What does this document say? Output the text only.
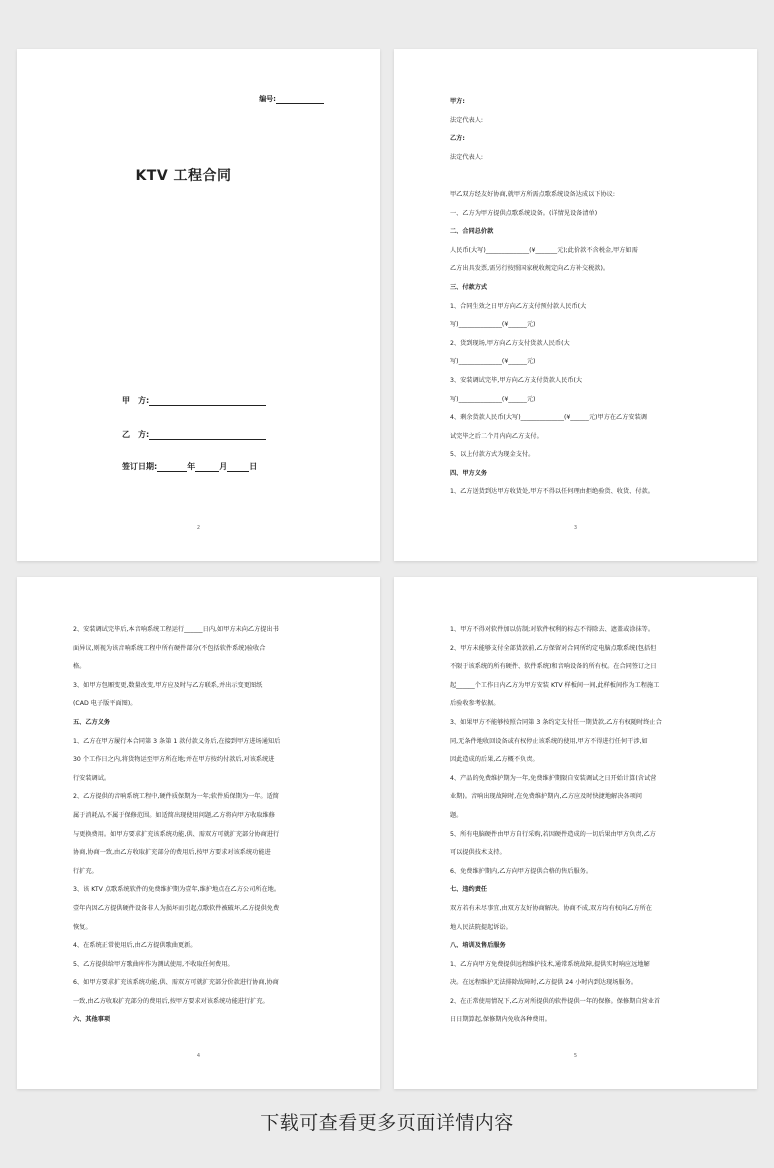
编号:
KTV 工程合同
甲　方:
乙　方:
签订日期:	年	月	日
2

甲方:

法定代表人:

乙方:

法定代表人:

甲乙双方经友好协商,就甲方所需点歌系统设备达成以下协议:

一、乙方为甲方提供点歌系统设备。(详情见设备清单)

二、合同总价款

人民币(大写)______________(¥_______元);此价款不含税金,甲方如需

乙方出具发票,需另行按照国家税收规定向乙方补交税款)。

三、付款方式

1、合同生效之日甲方向乙方支付预付款人民币(大

写)______________(¥______元)

2、货到现场,甲方向乙方支付货款人民币(大

写)______________(¥______元)

3、安装调试完毕,甲方向乙方支付货款人民币(大

写)______________(¥______元)

4、剩余货款人民币(大写)______________(¥______元)甲方在乙方安装调

试完毕之后二个月内向乙方支付。

5、以上付款方式为现金支付。

四、甲方义务

1、乙方送货到达甲方收货处,甲方不得以任何理由拒绝验货、收货、付款。

3

2、安装调试完毕后,本音响系统工程运行______日内,如甲方未向乙方提出书

面异议,则视为该音响系统工程中所有硬件部分(不包括软件系统)验收合

格。

3、如甲方包厢变更,数量改变,甲方应及时与乙方联系,并出示变更图纸

(CAD 电子版平面图)。

五、乙方义务

1、乙方在甲方履行本合同第 3 条第 1 款付款义务后,在接到甲方进场通知后

30 个工作日之内,将货物运至甲方所在地;并在甲方按约付款后,对该系统进

行安装调试。

2、乙方提供的音响系统工程中,硬件质保期为一年;软件质保期为一年。适简

属于消耗品,不属于保修范围。如适简出现使用问题,乙方将向甲方收取维修

与更换费用。如甲方要求扩充该系统功能,供、需双方可就扩充部分协商进行

协商,协商一致,由乙方收取扩充部分的费用后,按甲方要求对该系统功能进

行扩充。

3、该 KTV 点歌系统软件的免费维护期为壹年,维护地点在乙方公司所在地。

壹年内因乙方提供硬件设备非人为损坏而引起点歌软件被破坏,乙方提供免费

恢复。

4、在系统正常使用后,由乙方提供歌曲更新。

5、乙方提供给甲方歌曲库作为测试使用,不收取任何费用。

6、如甲方要求扩充该系统功能,供、需双方可就扩充部分价款进行协商,协商

一致,由乙方收取扩充部分的费用后,按甲方要求对该系统功能进行扩充。

六、其他事项

4

1、甲方不得对软件加以仿制;对软件权利的标志不得除去、遮盖或涂抹等。

2、甲方未能够支付全部货款前,乙方保留对合同所约定电脑点歌系统(包括但

不限于该系统的所有硬件、软件系统)和音响设备的所有权。在合同签订之日

起______个工作日内乙方为甲方安装 KTV 样板间一间,此样板间作为工程施工

后验收参考依据。

3、如果甲方不能够按照合同第 3 条约定支付任一期货款,乙方有权随时终止合

同,无条件地收回设备或有权停止该系统的使用,甲方不得进行任何干涉,如

因此造成的后果,乙方概不负责。

4、产品的免费维护期为一年,免费维护期限自安装调试之日开始计算(含试营

业期)。音响出现故障时,在免费维护期内,乙方应及时快捷地解决各项问

题。

5、所有电脑硬件由甲方自行采购,若因硬件造成的一切后果由甲方负责,乙方

可以提供技术支持。

6、免费维护期内,乙方向甲方提供合格的售后服务。

七、违约责任

双方若有未尽事宜,由双方友好协商解决。协商不成,双方均有权向乙方所在

地人民法院提起诉讼。

八、培训及售后服务

1、乙方向甲方免费提供远程维护技术,通常系统故障,提供实时响应远地解

决。在远程维护无法排除故障时,乙方提供 24 小时内到达现场服务。

2、在正常使用情况下,乙方对所提供的软件提供一年的保修。保修期自营业首

日日期算起,保修期内免收各种费用。

5
下载可查看更多页面详情内容
